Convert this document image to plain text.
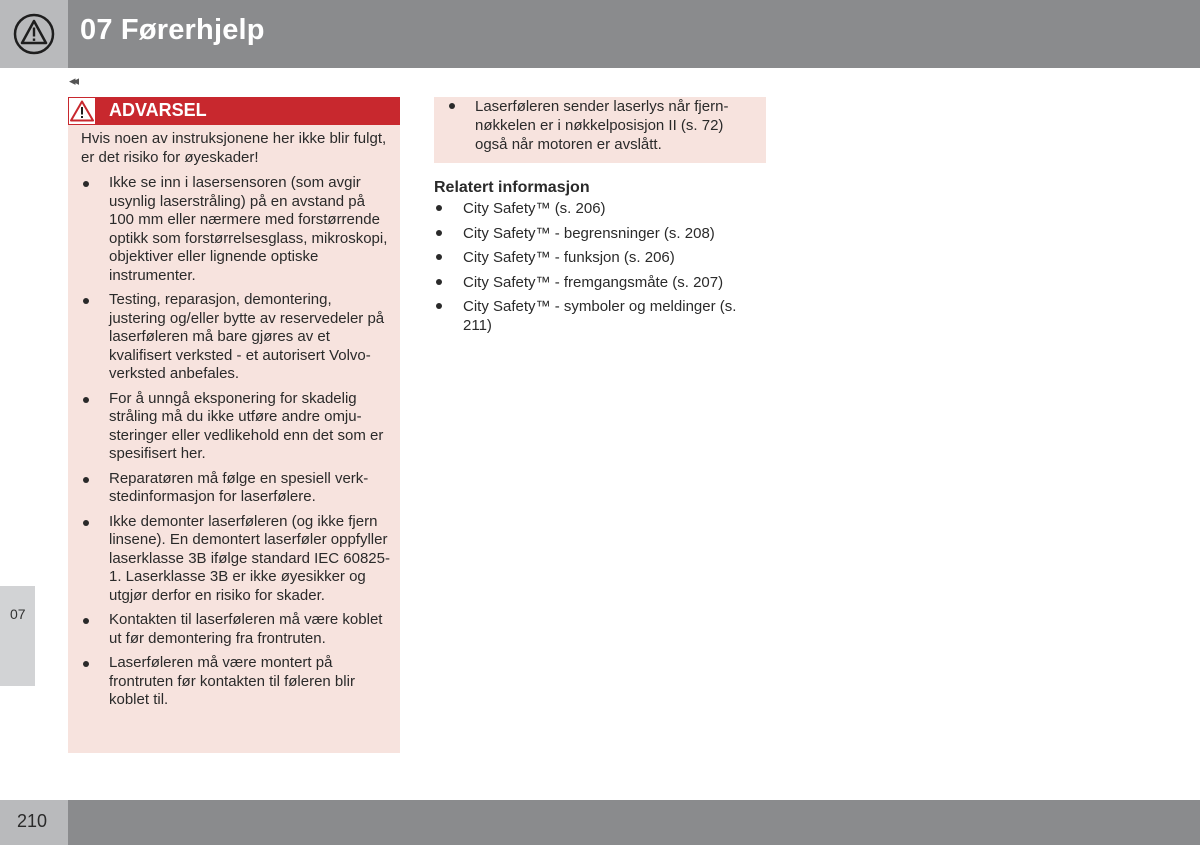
07 Førerhjelp
◂◂
ADVARSEL
Hvis noen av instruksjonene her ikke blir fulgt, er det risiko for øyeskader!
Ikke se inn i lasersensoren (som avgir usynlig laserstråling) på en avstand på 100 mm eller nærmere med forstørrende optikk som forstørrelsesglass, mikroskopi, objektiver eller lignende optiske instrumenter.
Testing, reparasjon, demontering, justering og/eller bytte av reservedeler på laserføleren må bare gjøres av et kvalifisert verksted - et autorisert Volvo-verksted anbefales.
For å unngå eksponering for skadelig stråling må du ikke utføre andre omjusteringer eller vedlikehold enn det som er spesifisert her.
Reparatøren må følge en spesiell verkstedinformasjon for laserfølere.
Ikke demonter laserføleren (og ikke fjern linsene). En demontert laserføler oppfyller laserklasse 3B ifølge standard IEC 60825-1. Laserklasse 3B er ikke øyesikker og utgjør derfor en risiko for skader.
Kontakten til laserføleren må være koblet ut før demontering fra frontruten.
Laserføleren må være montert på frontruten før kontakten til føleren blir koblet til.
Laserføleren sender laserlys når fjernnøkkelen er i nøkkelposisjon II (s. 72) også når motoren er avslått.
Relatert informasjon
City Safety™ (s. 206)
City Safety™ - begrensninger (s. 208)
City Safety™ - funksjon (s. 206)
City Safety™ - fremgangsmåte (s. 207)
City Safety™ - symboler og meldinger (s. 211)
07
210
